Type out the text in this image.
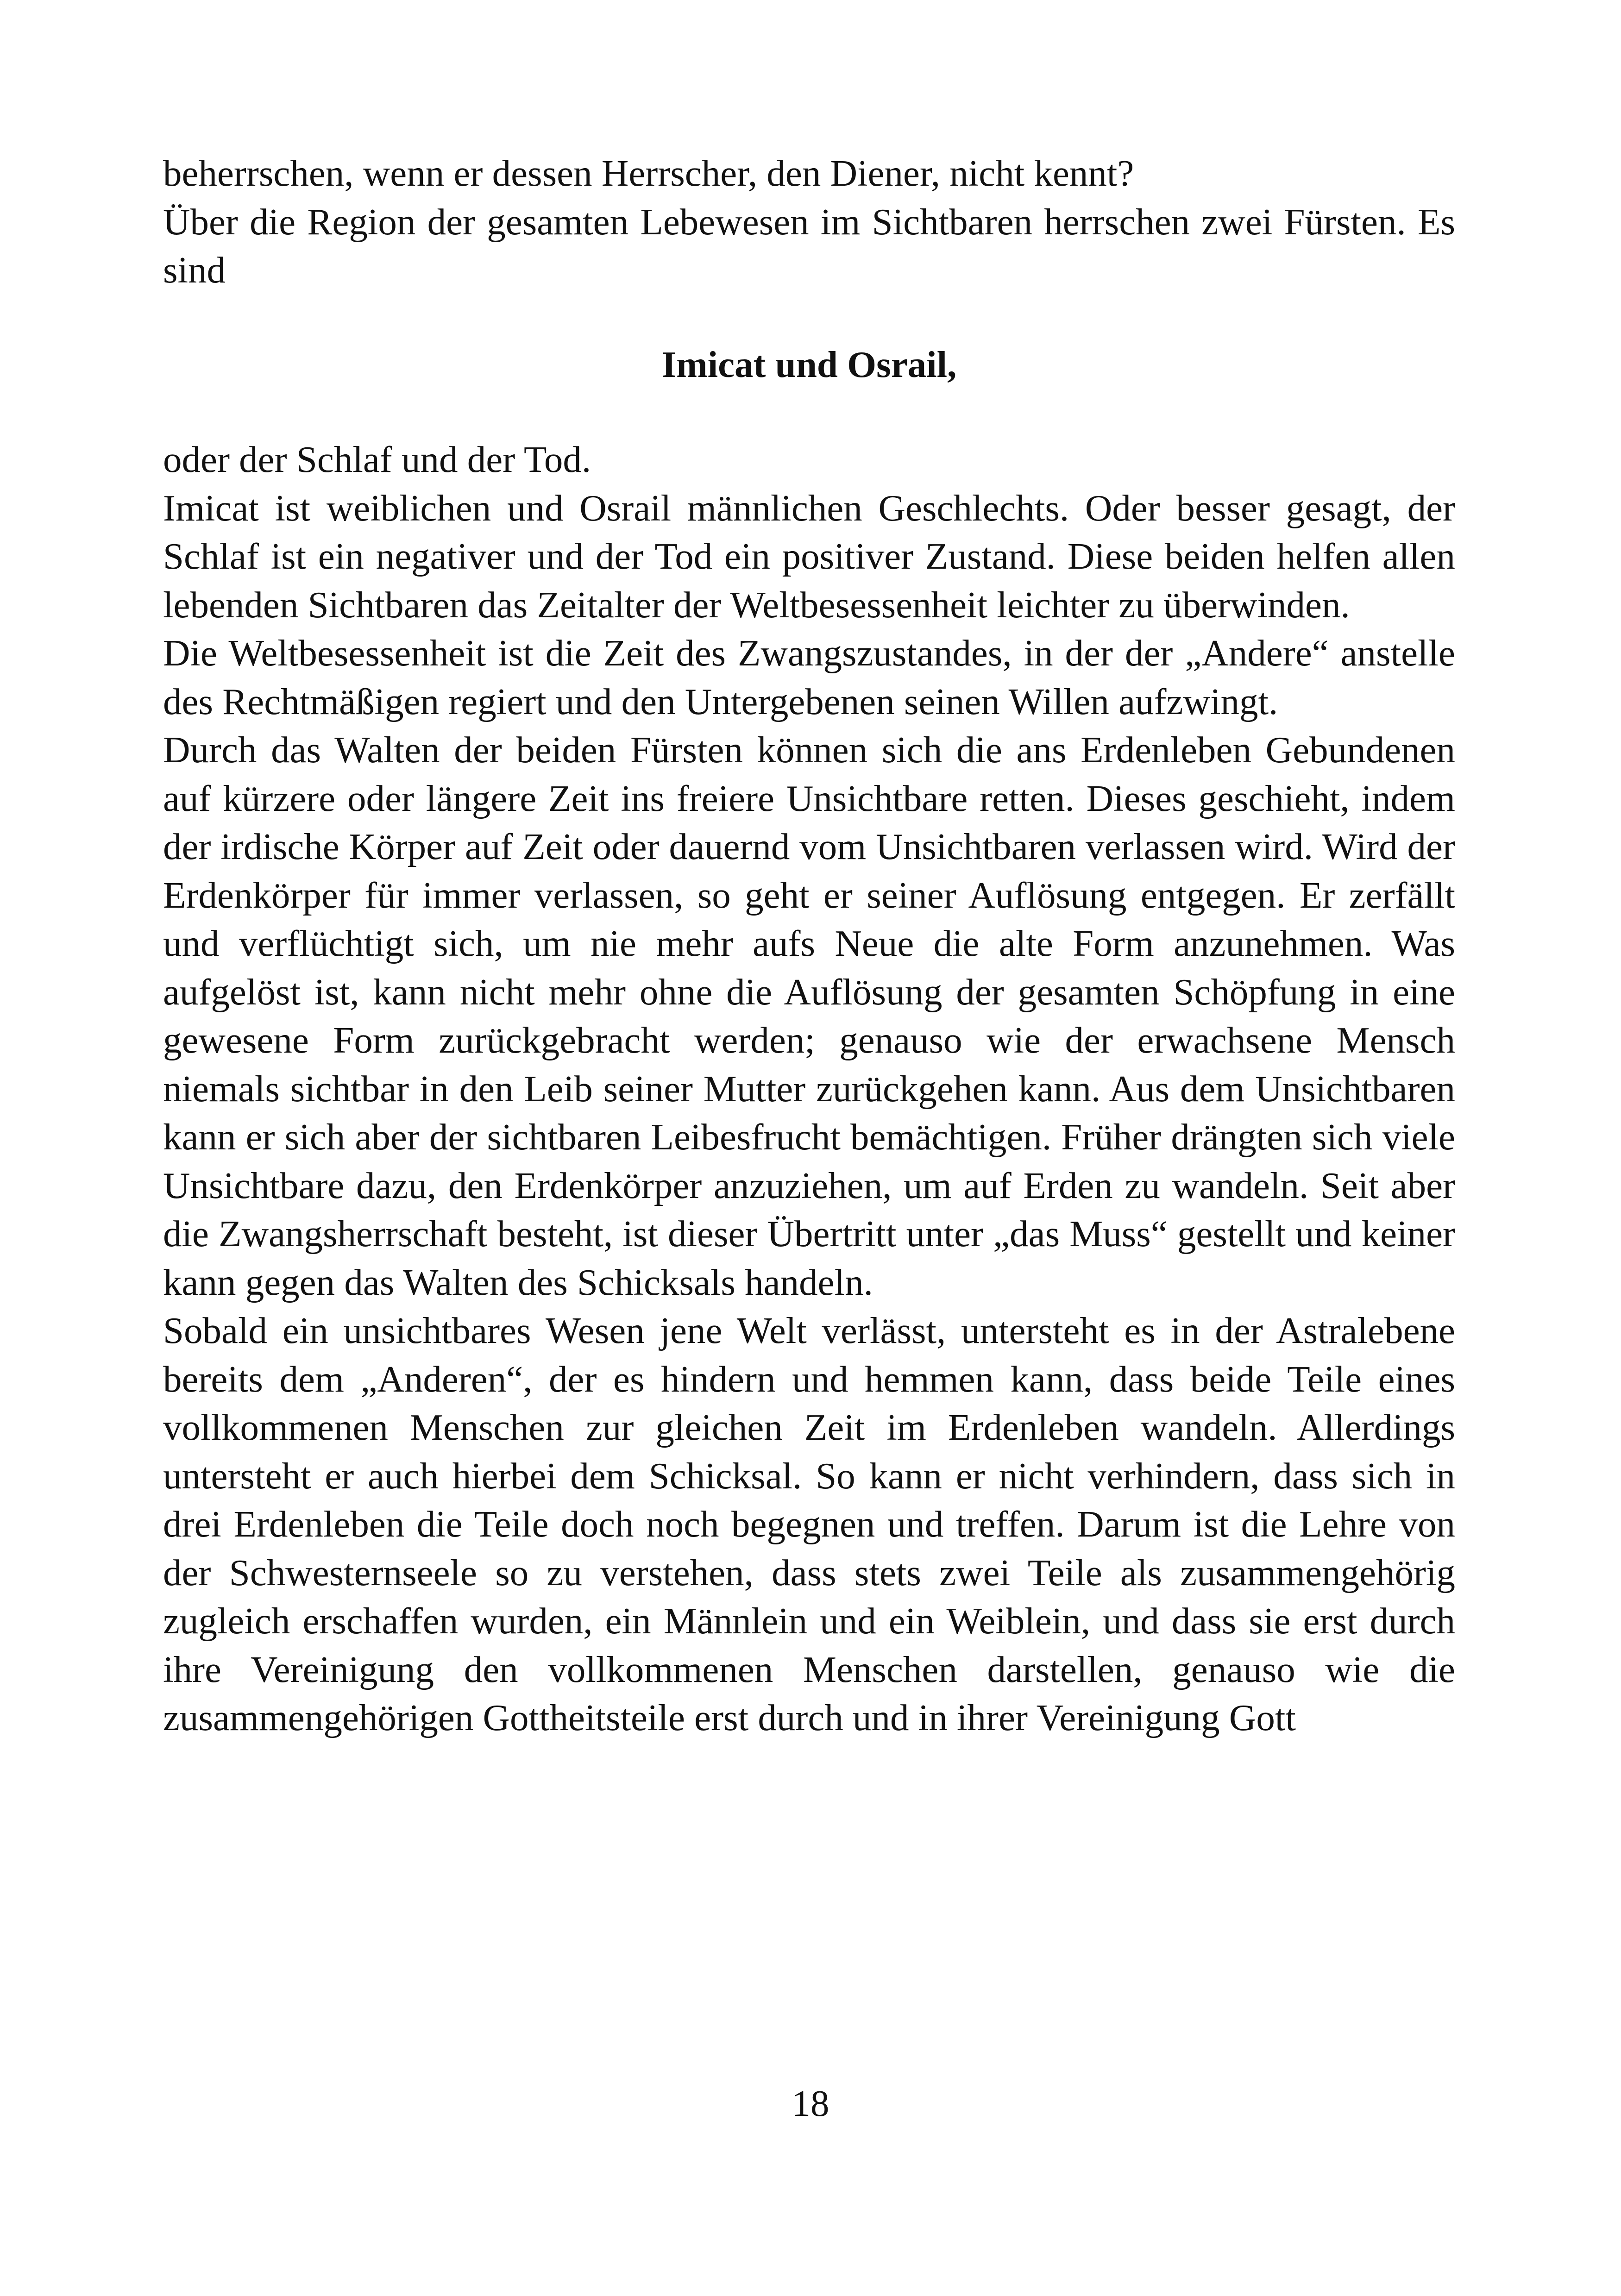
beherrschen, wenn er dessen Herrscher, den Diener, nicht kennt?

Über die Region der gesamten Lebewesen im Sichtbaren herrschen zwei Fürsten. Es sind

Imicat und Osrail,

oder der Schlaf und der Tod.

Imicat ist weiblichen und Osrail männlichen Geschlechts. Oder besser gesagt, der Schlaf ist ein negativer und der Tod ein positiver Zustand. Diese beiden helfen allen lebenden Sichtbaren das Zeitalter der Weltbesessenheit leichter zu überwinden.

Die Weltbesessenheit ist die Zeit des Zwangszustandes, in der der „Andere“ anstelle des Rechtmäßigen regiert und den Untergebenen seinen Willen aufzwingt.

Durch das Walten der beiden Fürsten können sich die ans Erdenleben Gebundenen auf kürzere oder längere Zeit ins freiere Unsichtbare retten. Dieses geschieht, indem der irdische Körper auf Zeit oder dauernd vom Unsichtbaren verlassen wird. Wird der Erdenkörper für immer verlassen, so geht er seiner Auflösung entgegen. Er zerfällt und verflüchtigt sich, um nie mehr aufs Neue die alte Form anzunehmen. Was aufgelöst ist, kann nicht mehr ohne die Auflösung der gesamten Schöpfung in eine gewesene Form zurückgebracht werden; genauso wie der erwachsene Mensch niemals sichtbar in den Leib seiner Mutter zurückgehen kann. Aus dem Unsichtbaren kann er sich aber der sichtbaren Leibesfrucht bemächtigen. Früher drängten sich viele Unsichtbare dazu, den Erdenkörper anzuziehen, um auf Erden zu wandeln. Seit aber die Zwangsherrschaft besteht, ist dieser Übertritt unter „das Muss“ gestellt und keiner kann gegen das Walten des Schicksals handeln.

Sobald ein unsichtbares Wesen jene Welt verlässt, untersteht es in der Astralebene bereits dem „Anderen“, der es hindern und hemmen kann, dass beide Teile eines vollkommenen Menschen zur gleichen Zeit im Erdenleben wandeln. Allerdings untersteht er auch hierbei dem Schicksal. So kann er nicht verhindern, dass sich in drei Erdenleben die Teile doch noch begegnen und treffen. Darum ist die Lehre von der Schwesternseele so zu verstehen, dass stets zwei Teile als zusammengehörig zugleich erschaffen wurden, ein Männlein und ein Weiblein, und dass sie erst durch ihre Vereinigung den vollkommenen Menschen darstellen, genauso wie die zusammengehörigen Gottheitsteile erst durch und in ihrer Vereinigung Gott

18
